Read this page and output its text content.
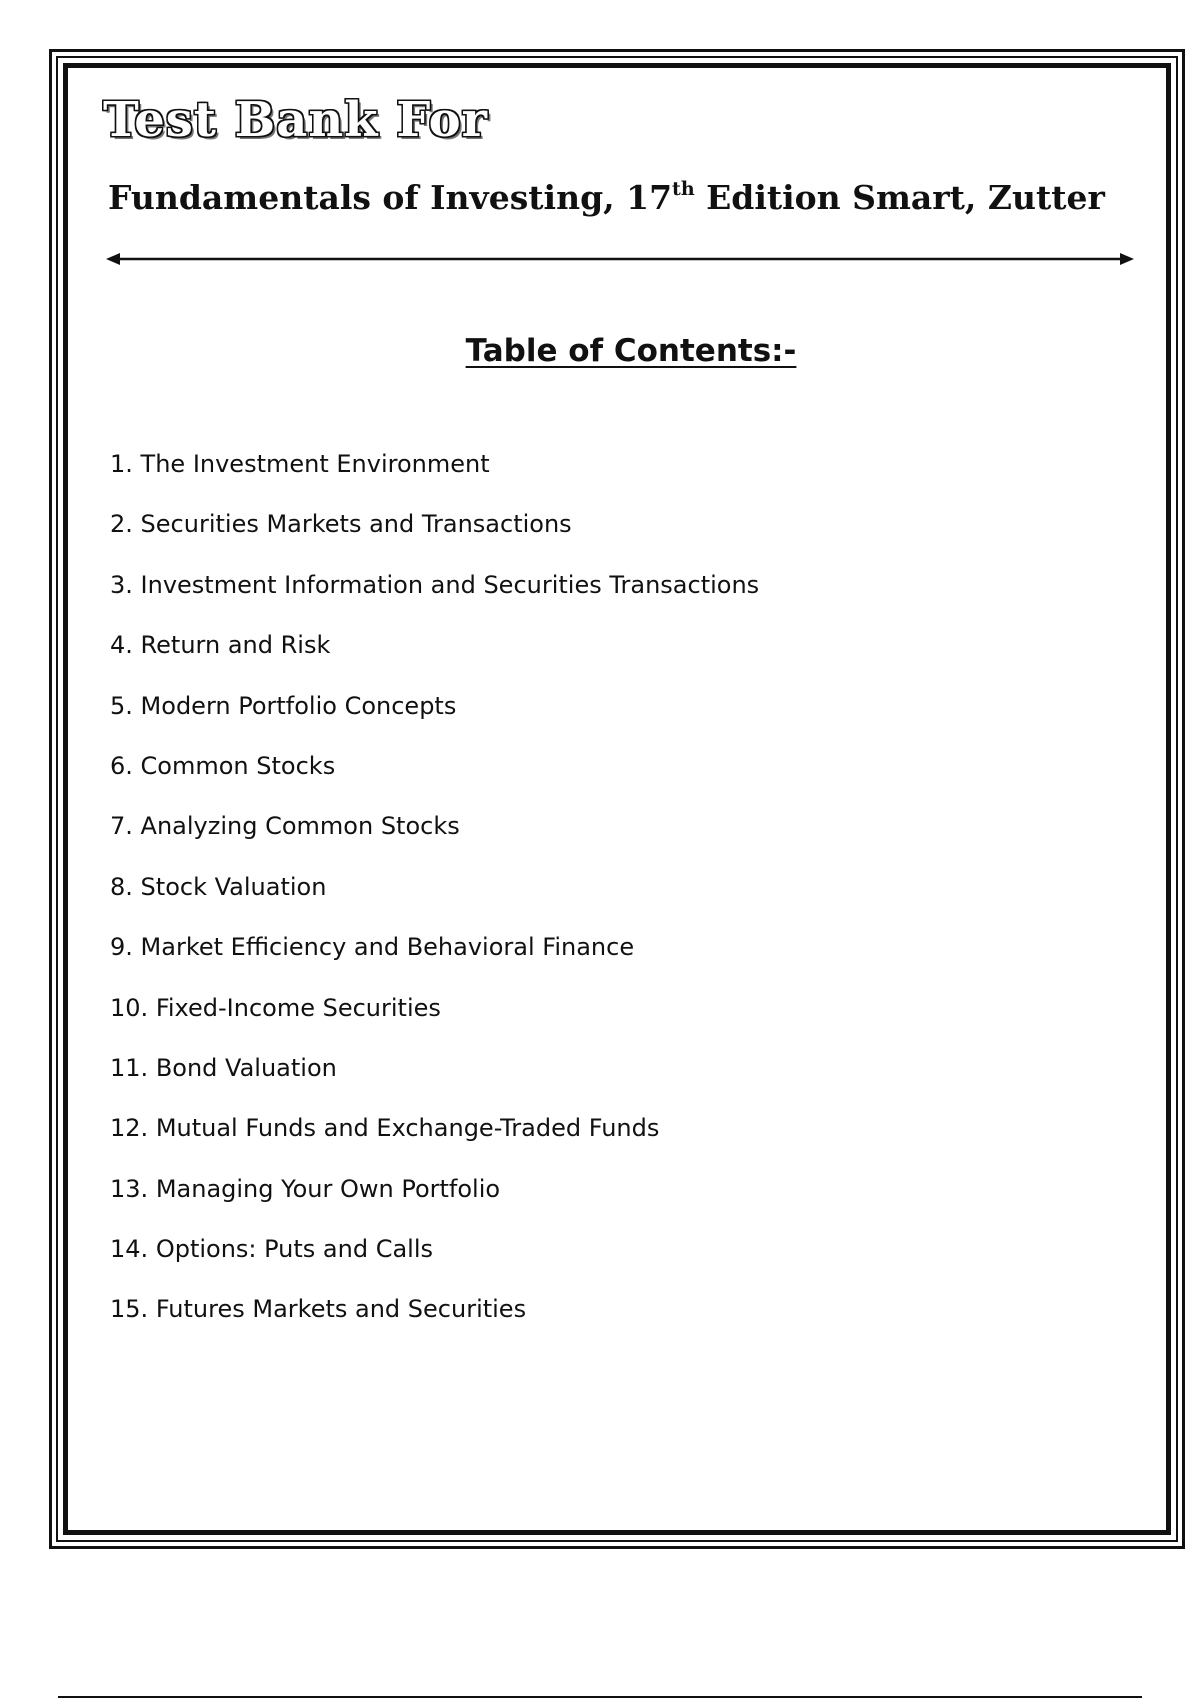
Test Bank For
Fundamentals of Investing, 17th Edition Smart, Zutter
Table of Contents:-
1 . The Investment Environment
2 . Securities Markets and Transactions
3 . Investment Information and Securities Transactions
4 . Return and Risk
5 . Modern Portfolio Concepts
6 . Common Stocks
7 . Analyzing Common Stocks
8 . Stock Valuation
9 . Market Efficiency and Behavioral Finance
10 . Fixed-Income Securities
11 . Bond Valuation
12 . Mutual Funds and Exchange-Traded Funds
13 . Managing Your Own Portfolio
14 . Options: Puts and Calls
15 . Futures Markets and Securities
